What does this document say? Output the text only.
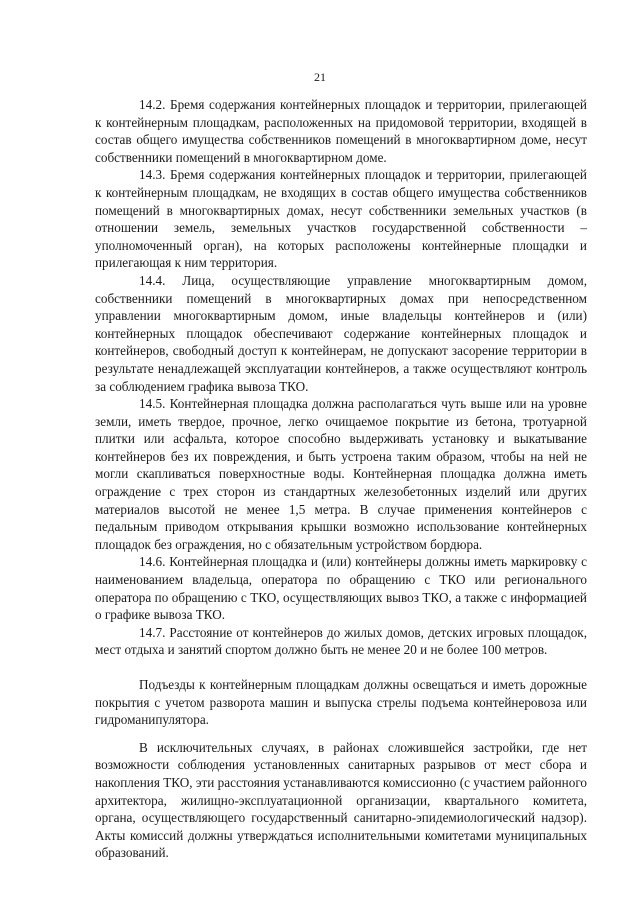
21

14.2. Бремя содержания контейнерных площадок и территории, прилегающей к контейнерным площадкам, расположенных на придомовой территории, входящей в состав общего имущества собственников помещений в многоквартирном доме, несут собственники помещений в многоквартирном доме.

14.3. Бремя содержания контейнерных площадок и территории, прилегающей к контейнерным площадкам, не входящих в состав общего имущества собственников помещений в многоквартирных домах, несут собственники земельных участков (в отношении земель, земельных участков государственной собственности – уполномоченный орган), на которых расположены контейнерные площадки и прилегающая к ним территория.

14.4. Лица, осуществляющие управление многоквартирным домом, собственники помещений в многоквартирных домах при непосредственном управлении многоквартирным домом, иные владельцы контейнеров и (или) контейнерных площадок обеспечивают содержание контейнерных площадок и контейнеров, свободный доступ к контейнерам, не допускают засорение территории в результате ненадлежащей эксплуатации контейнеров, а также осуществляют контроль за соблюдением графика вывоза ТКО.

14.5. Контейнерная площадка должна располагаться чуть выше или на уровне земли, иметь твердое, прочное, легко очищаемое покрытие из бетона, тротуарной плитки или асфальта, которое способно выдерживать установку и выкатывание контейнеров без их повреждения, и быть устроена таким образом, чтобы на ней не могли скапливаться поверхностные воды. Контейнерная площадка должна иметь ограждение с трех сторон из стандартных железобетонных изделий или других материалов высотой не менее 1,5 метра. В случае применения контейнеров с педальным приводом открывания крышки возможно использование контейнерных площадок без ограждения, но с обязательным устройством бордюра.

14.6. Контейнерная площадка и (или) контейнеры должны иметь маркировку с наименованием владельца, оператора по обращению с ТКО или регионального оператора по обращению с ТКО, осуществляющих вывоз ТКО, а также с информацией о графике вывоза ТКО.

14.7. Расстояние от контейнеров до жилых домов, детских игровых площадок, мест отдыха и занятий спортом должно быть не менее 20 и не более 100 метров.

Подъезды к контейнерным площадкам должны освещаться и иметь дорожные покрытия с учетом разворота машин и выпуска стрелы подъема контейнеровоза или гидроманипулятора.

В исключительных случаях, в районах сложившейся застройки, где нет возможности соблюдения установленных санитарных разрывов от мест сбора и накопления ТКО, эти расстояния устанавливаются комиссионно (с участием районного архитектора, жилищно-эксплуатационной организации, квартального комитета, органа, осуществляющего государственный санитарно-эпидемиологический надзор). Акты комиссий должны утверждаться исполнительными комитетами муниципальных образований.
